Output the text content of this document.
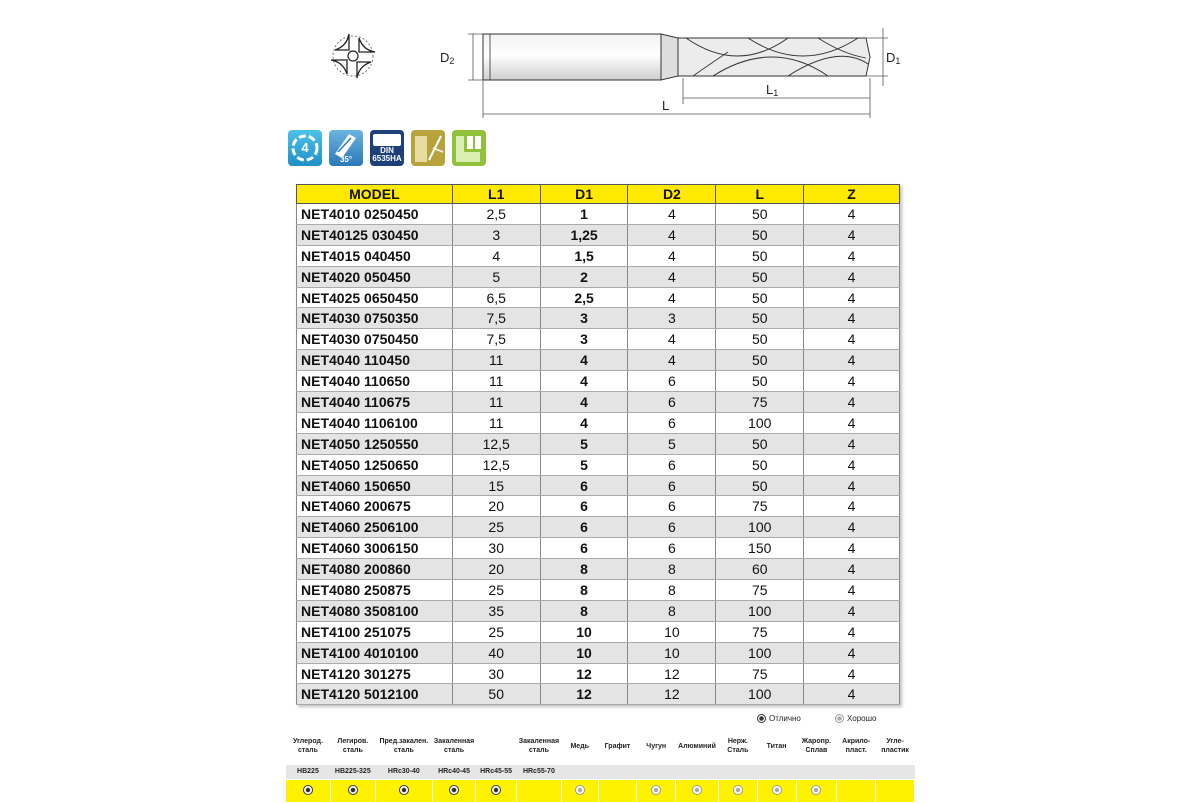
D2	D1
L1
L
4
35°
DIN 6535HA
MODEL	L1	D1	D2	L	Z
NET4010 0250450	2,5	1	4	50	4
NET40125 030450	3	1,25	4	50	4
NET4015 040450	4	1,5	4	50	4
NET4020 050450	5	2	4	50	4
NET4025 0650450	6,5	2,5	4	50	4
NET4030 0750350	7,5	3	3	50	4
NET4030 0750450	7,5	3	4	50	4
NET4040 110450	11	4	4	50	4
NET4040 110650	11	4	6	50	4
NET4040 110675	11	4	6	75	4
NET4040 1106100	11	4	6	100	4
NET4050 1250550	12,5	5	5	50	4
NET4050 1250650	12,5	5	6	50	4
NET4060 150650	15	6	6	50	4
NET4060 200675	20	6	6	75	4
NET4060 2506100	25	6	6	100	4
NET4060 3006150	30	6	6	150	4
NET4080 200860	20	8	8	60	4
NET4080 250875	25	8	8	75	4
NET4080 3508100	35	8	8	100	4
NET4100 251075	25	10	10	75	4
NET4100 4010100	40	10	10	100	4
NET4120 301275	30	12	12	75	4
NET4120 5012100	50	12	12	100	4
Отлично	Хорошо
Углерод. сталь	Легиров. сталь	Пред.закален. сталь	Закаленная сталь		Закаленная сталь	Медь	Графит	Чугун	Алюминий	Нерж. Сталь	Титан	Жаропр. Сплав	Акрило- пласт.	Угле- пластик
HB225	HB225-325	HRc30-40	HRc40-45	HRc45-55	HRc55-70									
